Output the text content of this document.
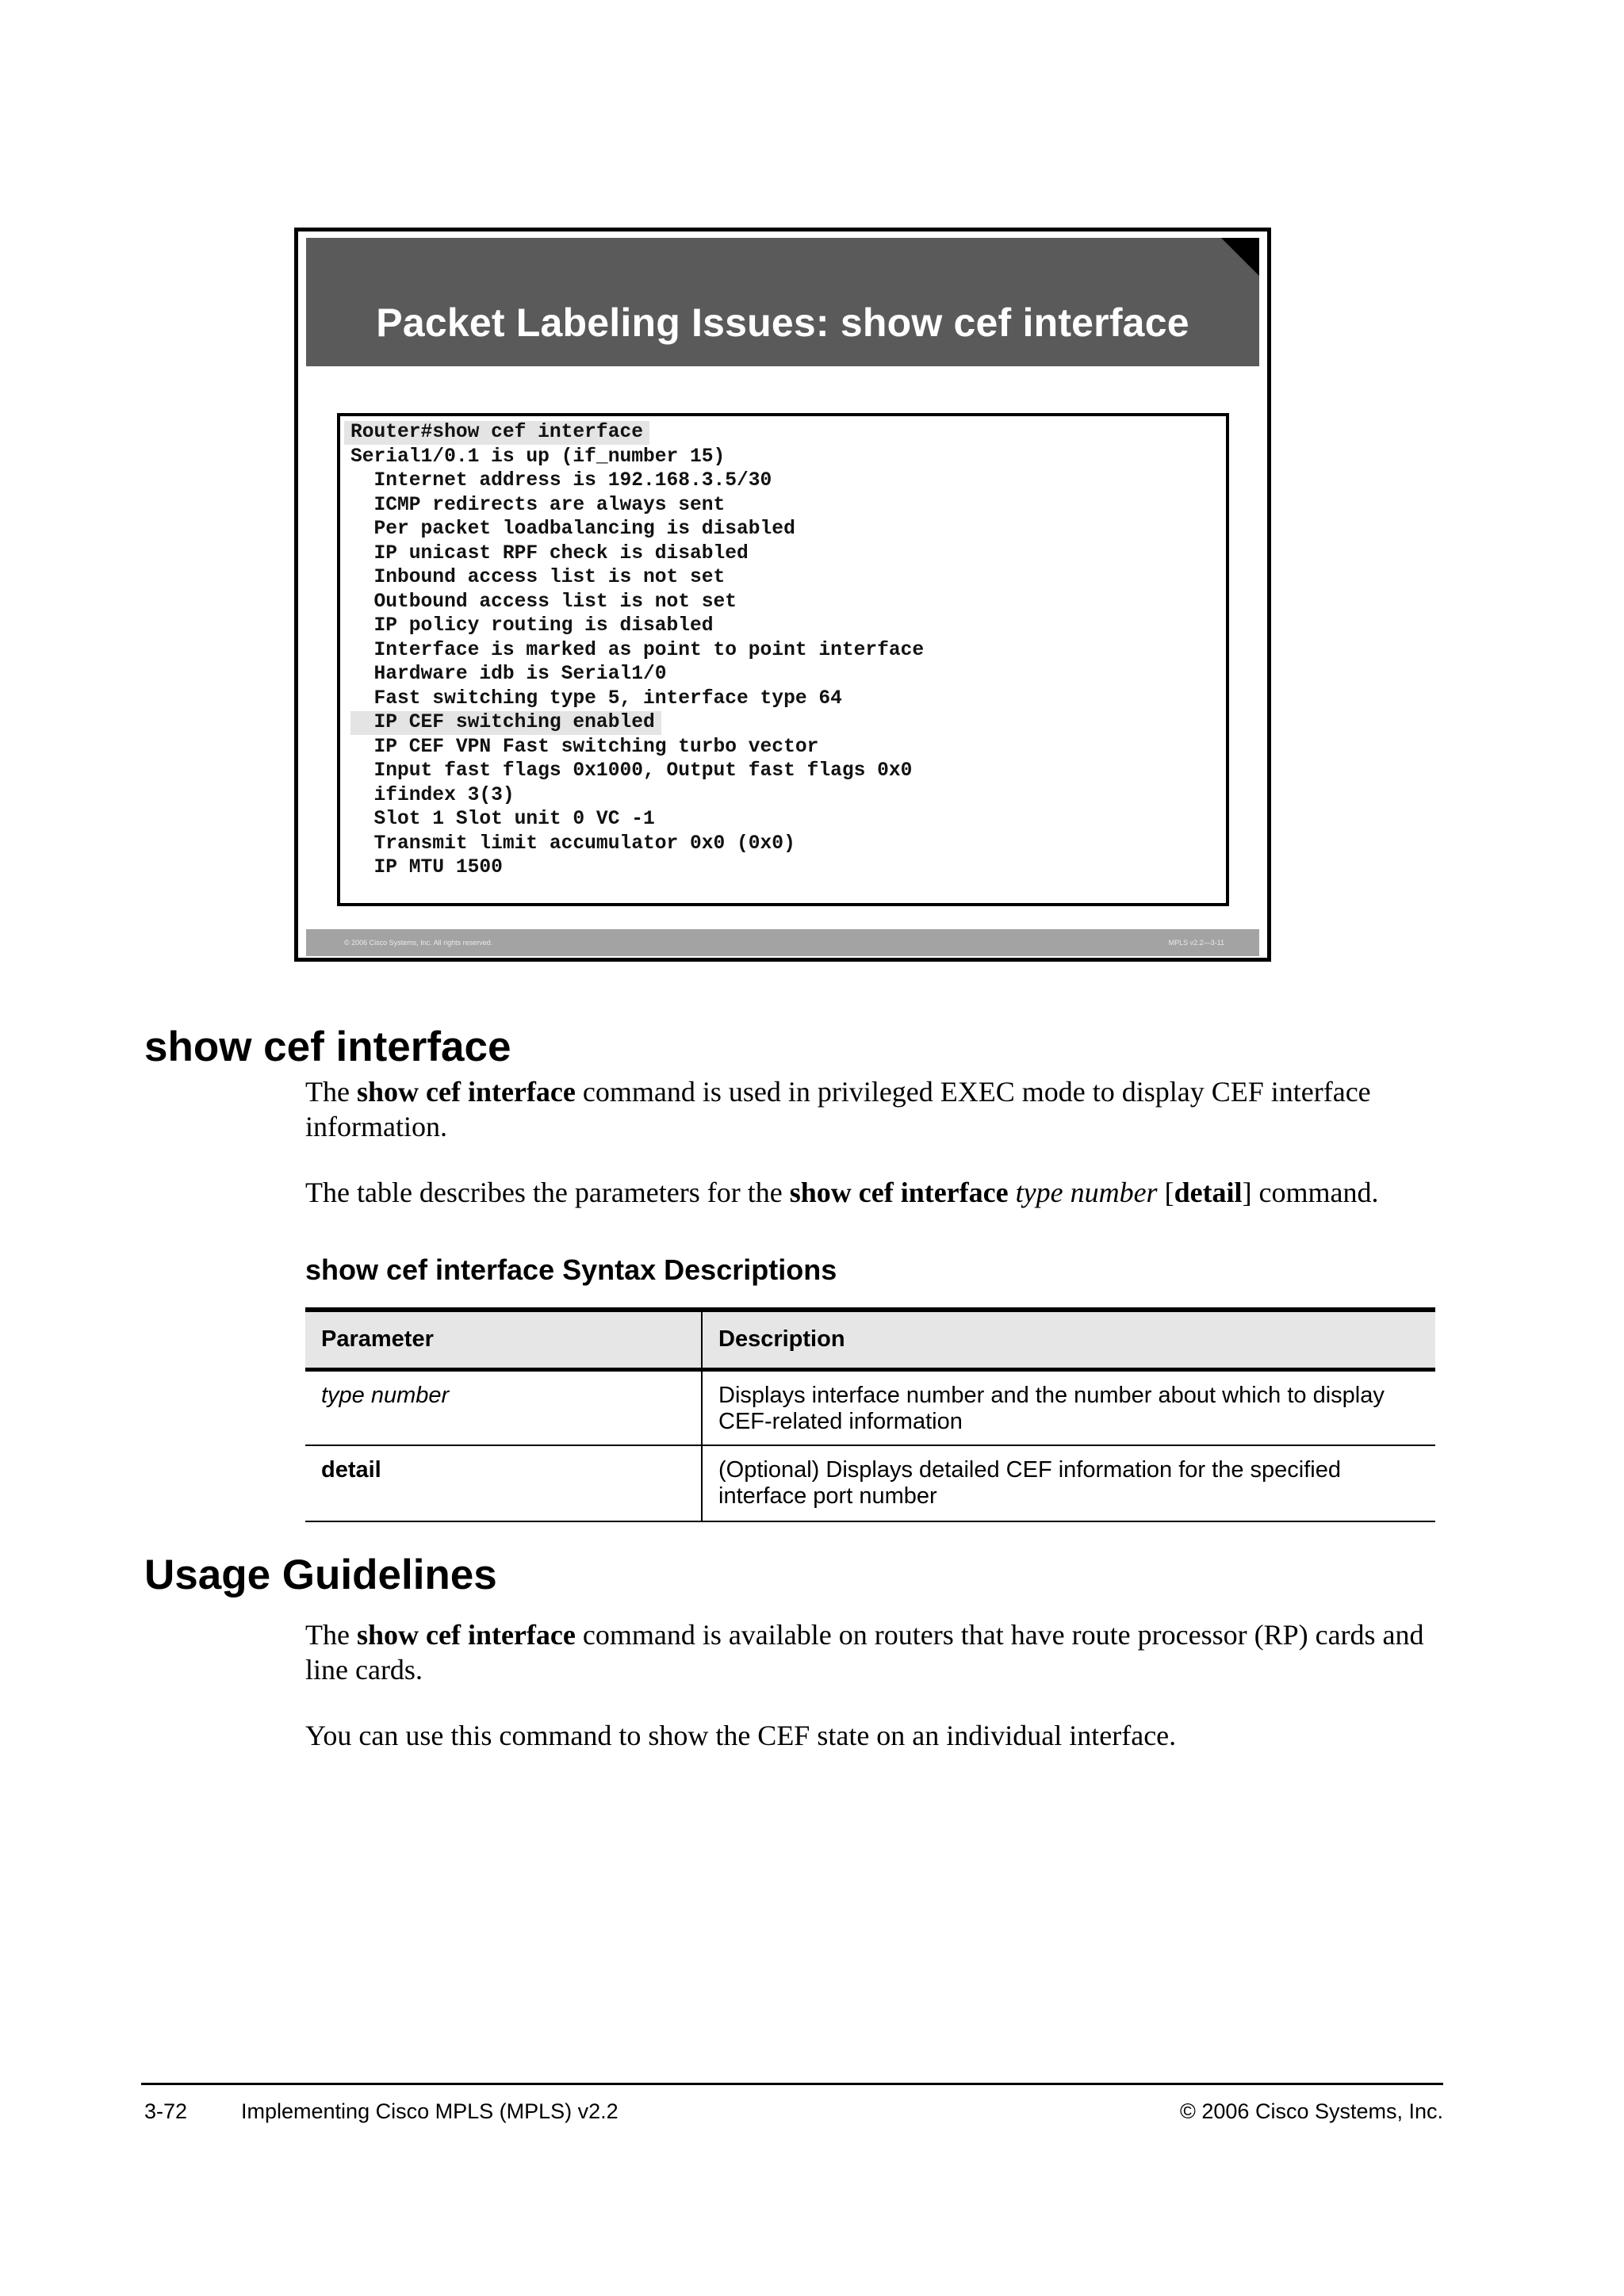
Packet Labeling Issues: show cef interface
Router#show cef interface
Serial1/0.1 is up (if_number 15)
Internet address is 192.168.3.5/30
ICMP redirects are always sent
Per packet loadbalancing is disabled
IP unicast RPF check is disabled
Inbound access list is not set
Outbound access list is not set
IP policy routing is disabled
Interface is marked as point to point interface
Hardware idb is Serial1/0
Fast switching type 5, interface type 64
IP CEF switching enabled
IP CEF VPN Fast switching turbo vector
Input fast flags 0x1000, Output fast flags 0x0
ifindex 3(3)
Slot 1 Slot unit 0 VC -1
Transmit limit accumulator 0x0 (0x0)
IP MTU 1500
© 2006 Cisco Systems, Inc. All rights reserved.	MPLS v2.2—3-11
show cef interface
The show cef interface command is used in privileged EXEC mode to display CEF interface information.
The table describes the parameters for the show cef interface type number [detail] command.
show cef interface Syntax Descriptions
Parameter	Description
type number	Displays interface number and the number about which to display CEF-related information
detail	(Optional) Displays detailed CEF information for the specified interface port number
Usage Guidelines
The show cef interface command is available on routers that have route processor (RP) cards and line cards.
You can use this command to show the CEF state on an individual interface.
3-72	Implementing Cisco MPLS (MPLS) v2.2	© 2006 Cisco Systems, Inc.
